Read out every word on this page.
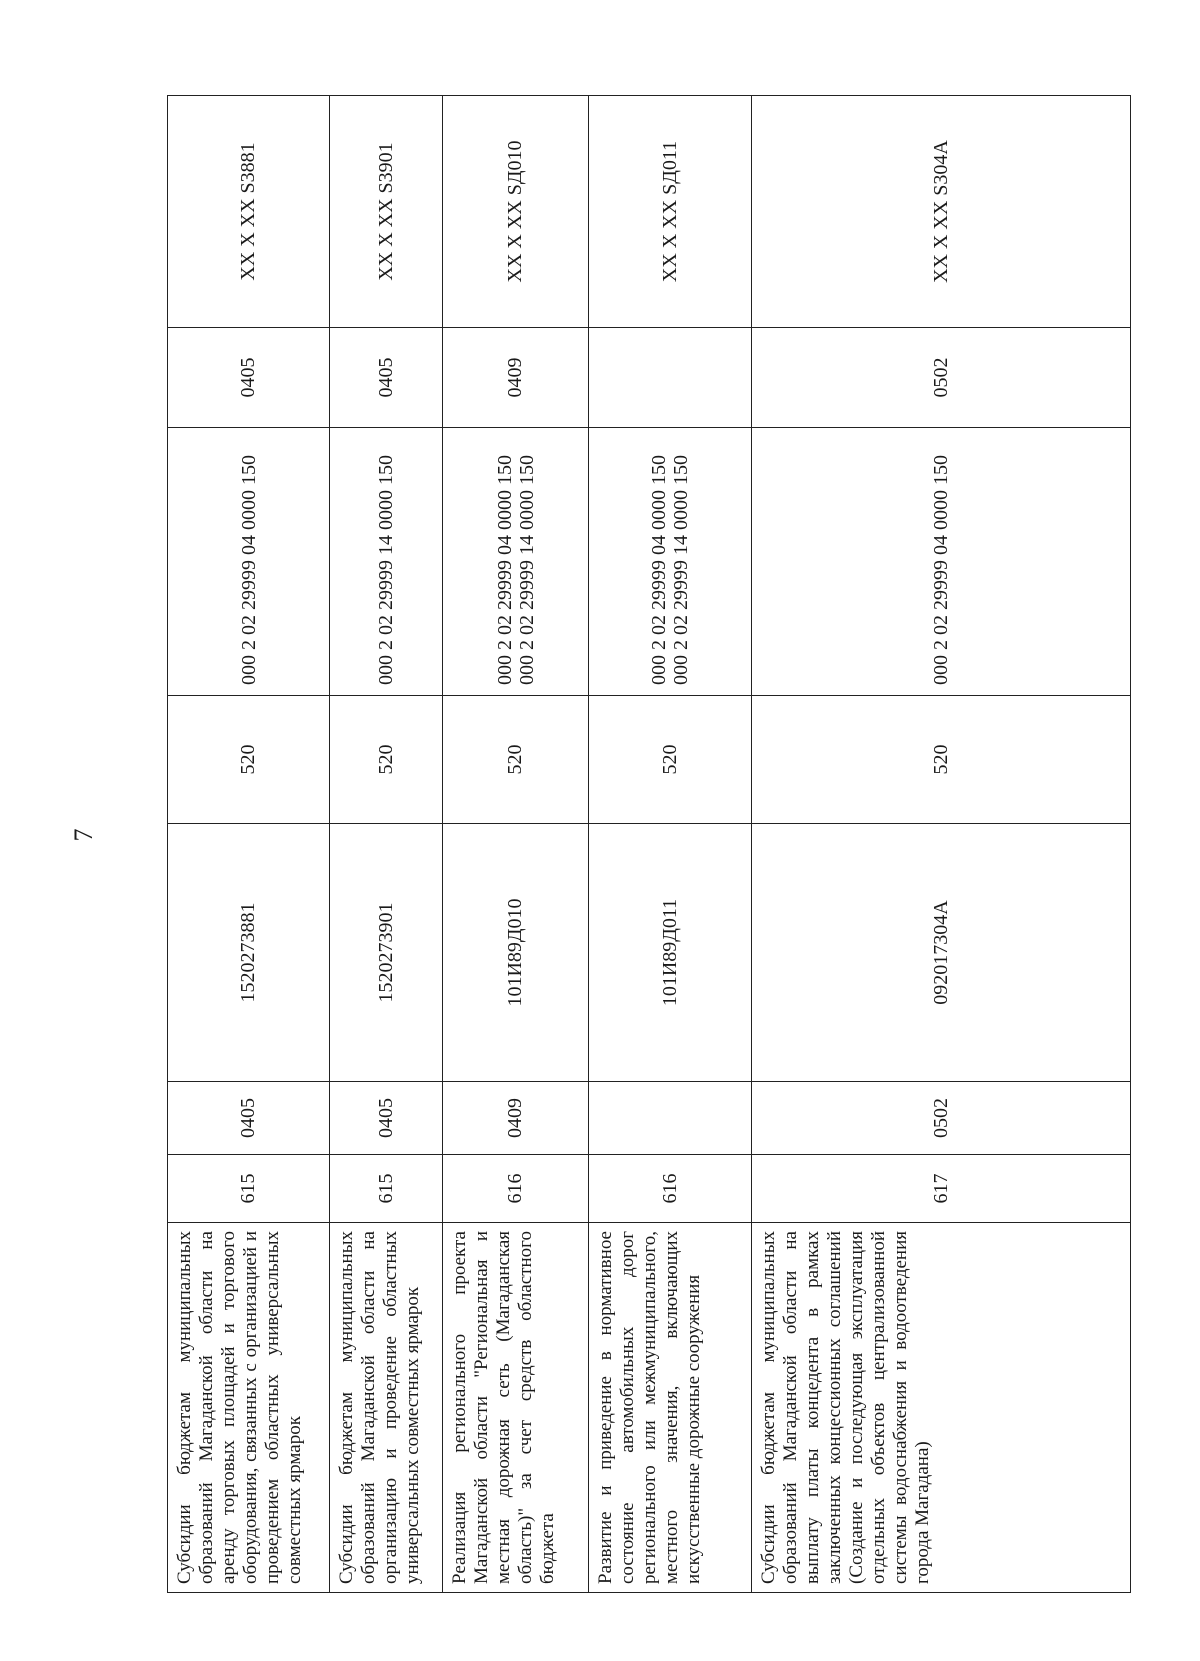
7
Субсидии бюджетам муниципальных образований Магаданской области на аренду торговых площадей и торгового оборудования, связанных с организацией и проведением областных универсальных совместных ярмарок	615	0405	1520273881	520	000 2 02 29999 04 0000 150	0405	XX X XX S3881
Субсидии бюджетам муниципальных образований Магаданской области на организацию и проведение областных универсальных совместных ярмарок	615	0405	1520273901	520	000 2 02 29999 14 0000 150	0405	XX X XX S3901
Реализация регионального проекта Магаданской области "Региональная и местная дорожная сеть (Магаданская область)" за счет средств областного бюджета	616	0409	101И89Д010	520	000 2 02 29999 04 0000 150 000 2 02 29999 14 0000 150	0409	XX X XX SД010
Развитие и приведение в нормативное состояние автомобильных дорог регионального или межмуниципального, местного значения, включающих искусственные дорожные сооружения	616		101И89Д011	520	000 2 02 29999 04 0000 150 000 2 02 29999 14 0000 150		XX X XX SД011
Субсидии бюджетам муниципальных образований Магаданской области на выплату платы концедента в рамках заключенных концессионных соглашений (Создание и последующая эксплуатация отдельных объектов централизованной системы водоснабжения и водоотведения города Магадана)	617	0502	092017304А	520	000 2 02 29999 04 0000 150	0502	XX X XX S304A
